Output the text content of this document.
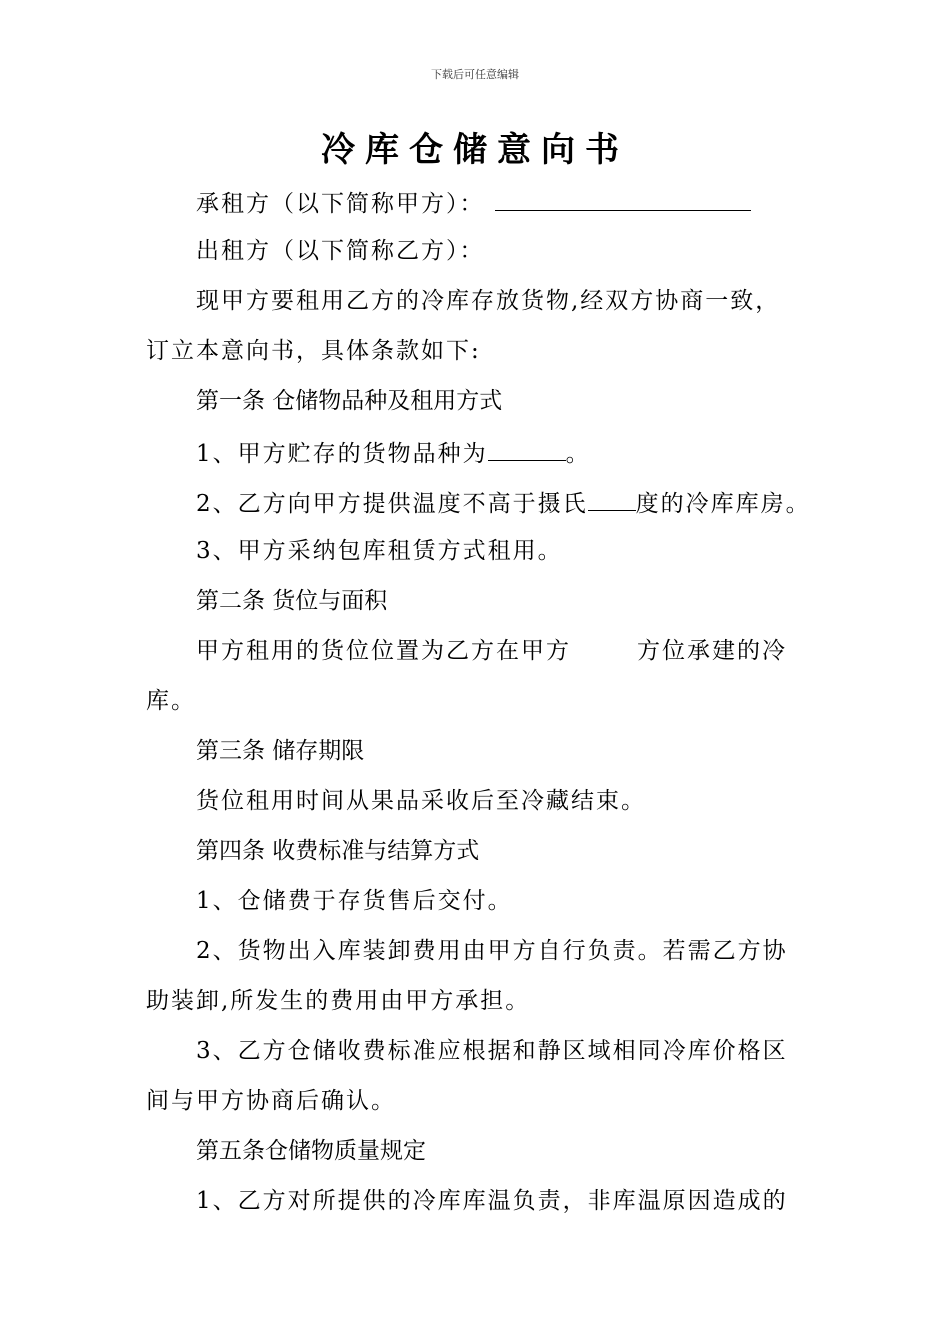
下载后可任意编辑
冷库仓储意向书
承租方（以下简称甲方）：
出租方（以下简称乙方）：
现甲方要租用乙方的冷库存放货物,经双方协商一致，
订立本意向书，具体条款如下:
第一条 仓储物品种及租用方式
1、甲方贮存的货物品种为	。
2、乙方向甲方提供温度不高于摄氏 度的冷库库房。
3、甲方采纳包库租赁方式租用。
第二条 货位与面积
甲方租用的货位位置为乙方在甲方	方位承建的冷
库。
第三条 储存期限
货位租用时间从果品采收后至冷藏结束。
第四条 收费标准与结算方式
1、仓储费于存货售后交付。
2、货物出入库装卸费用由甲方自行负责。若需乙方协
助装卸,所发生的费用由甲方承担。
3、乙方仓储收费标准应根据和静区域相同冷库价格区
间与甲方协商后确认。
第五条仓储物质量规定
1、乙方对所提供的冷库库温负责，非库温原因造成的
